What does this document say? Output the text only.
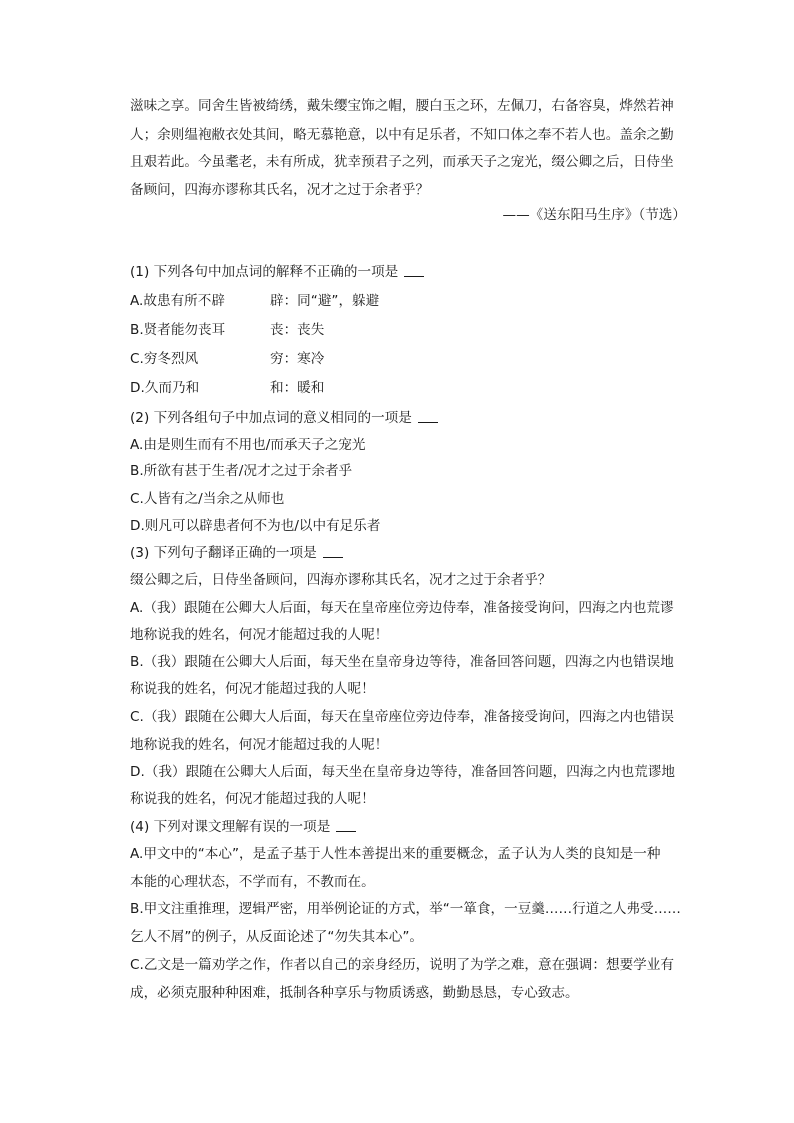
滋味之享。同舍生皆被绮绣，戴朱缨宝饰之帽，腰白玉之环，左佩刀，右备容臭，烨然若神
人；余则缊袍敝衣处其间，略无慕艳意，以中有足乐者，不知口体之奉不若人也。盖余之勤
且艰若此。今虽耄老，未有所成，犹幸预君子之列，而承天子之宠光，缀公卿之后，日侍坐
备顾问，四海亦谬称其氏名，况才之过于余者乎？
——《送东阳马生序》（节选）
(1) 下列各句中加点词的解释不正确的一项是
A.故患有所不辟	辟：同“避”，躲避
B.贤者能勿丧耳	丧：丧失
C.穷冬烈风	穷：寒冷
D.久而乃和	和：暖和
(2) 下列各组句子中加点词的意义相同的一项是
A.由是则生而有不用也/而承天子之宠光
B.所欲有甚于生者/况才之过于余者乎
C.人皆有之/当余之从师也
D.则凡可以辟患者何不为也/以中有足乐者
(3) 下列句子翻译正确的一项是
缀公卿之后，日侍坐备顾问，四海亦谬称其氏名，况才之过于余者乎？
A.（我）跟随在公卿大人后面，每天在皇帝座位旁边侍奉，准备接受询问，四海之内也荒谬
地称说我的姓名，何况才能超过我的人呢！
B.（我）跟随在公卿大人后面，每天坐在皇帝身边等待，准备回答问题，四海之内也错误地
称说我的姓名，何况才能超过我的人呢！
C.（我）跟随在公卿大人后面，每天在皇帝座位旁边侍奉，准备接受询问，四海之内也错误
地称说我的姓名，何况才能超过我的人呢！
D.（我）跟随在公卿大人后面，每天坐在皇帝身边等待，准备回答问题，四海之内也荒谬地
称说我的姓名，何况才能超过我的人呢！
(4) 下列对课文理解有误的一项是
A.甲文中的“本心”，是孟子基于人性本善提出来的重要概念，孟子认为人类的良知是一种
本能的心理状态，不学而有，不教而在。
B.甲文注重推理，逻辑严密，用举例论证的方式，举“一箪食，一豆羹……行道之人弗受……
乞人不屑”的例子，从反面论述了“勿失其本心”。
C.乙文是一篇劝学之作，作者以自己的亲身经历，说明了为学之难，意在强调：想要学业有
成，必须克服种种困难，抵制各种享乐与物质诱惑，勤勤恳恳，专心致志。
